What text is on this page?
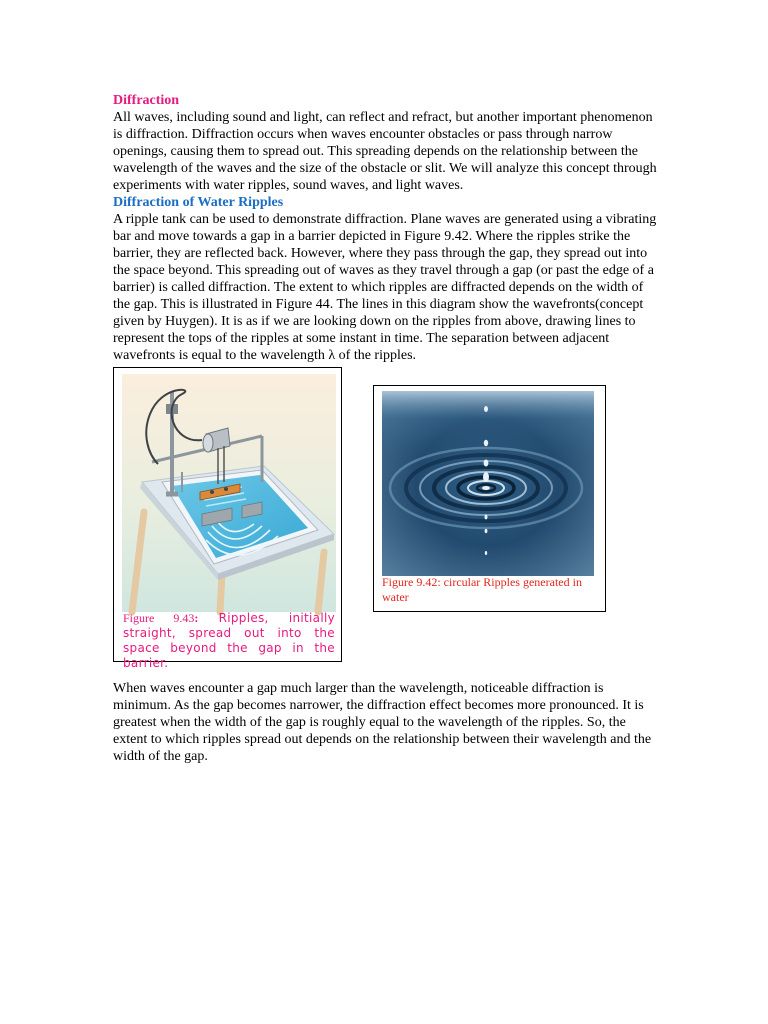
Diffraction

All waves, including sound and light, can reflect and refract, but another important phenomenon is diffraction. Diffraction occurs when waves encounter obstacles or pass through narrow openings, causing them to spread out. This spreading depends on the relationship between the wavelength of the waves and the size of the obstacle or slit. We will analyze this concept through experiments with water ripples, sound waves, and light waves.

Diffraction of Water Ripples

A ripple tank can be used to demonstrate diffraction. Plane waves are generated using a vibrating bar and move towards a gap in a barrier depicted in Figure 9.42. Where the ripples strike the barrier, they are reflected back. However, where they pass through the gap, they spread out into the space beyond. This spreading out of waves as they travel through a gap (or past the edge of a barrier) is called diffraction. The extent to which ripples are diffracted depends on the width of the gap. This is illustrated in Figure 44. The lines in this diagram show the wavefronts(concept given by Huygen). It is as if we are looking down on the ripples from above, drawing lines to represent the tops of the ripples at some instant in time. The separation between adjacent wavefronts is equal to the wavelength λ of the ripples.

Figure 9.43: Ripples, initially straight, spread out into the space beyond the gap in the barrier.
Figure 9.42: circular Ripples generated in water

When waves encounter a gap much larger than the wavelength, noticeable diffraction is minimum. As the gap becomes narrower, the diffraction effect becomes more pronounced. It is greatest when the width of the gap is roughly equal to the wavelength of the ripples. So, the extent to which ripples spread out depends on the relationship between their wavelength and the width of the gap.
